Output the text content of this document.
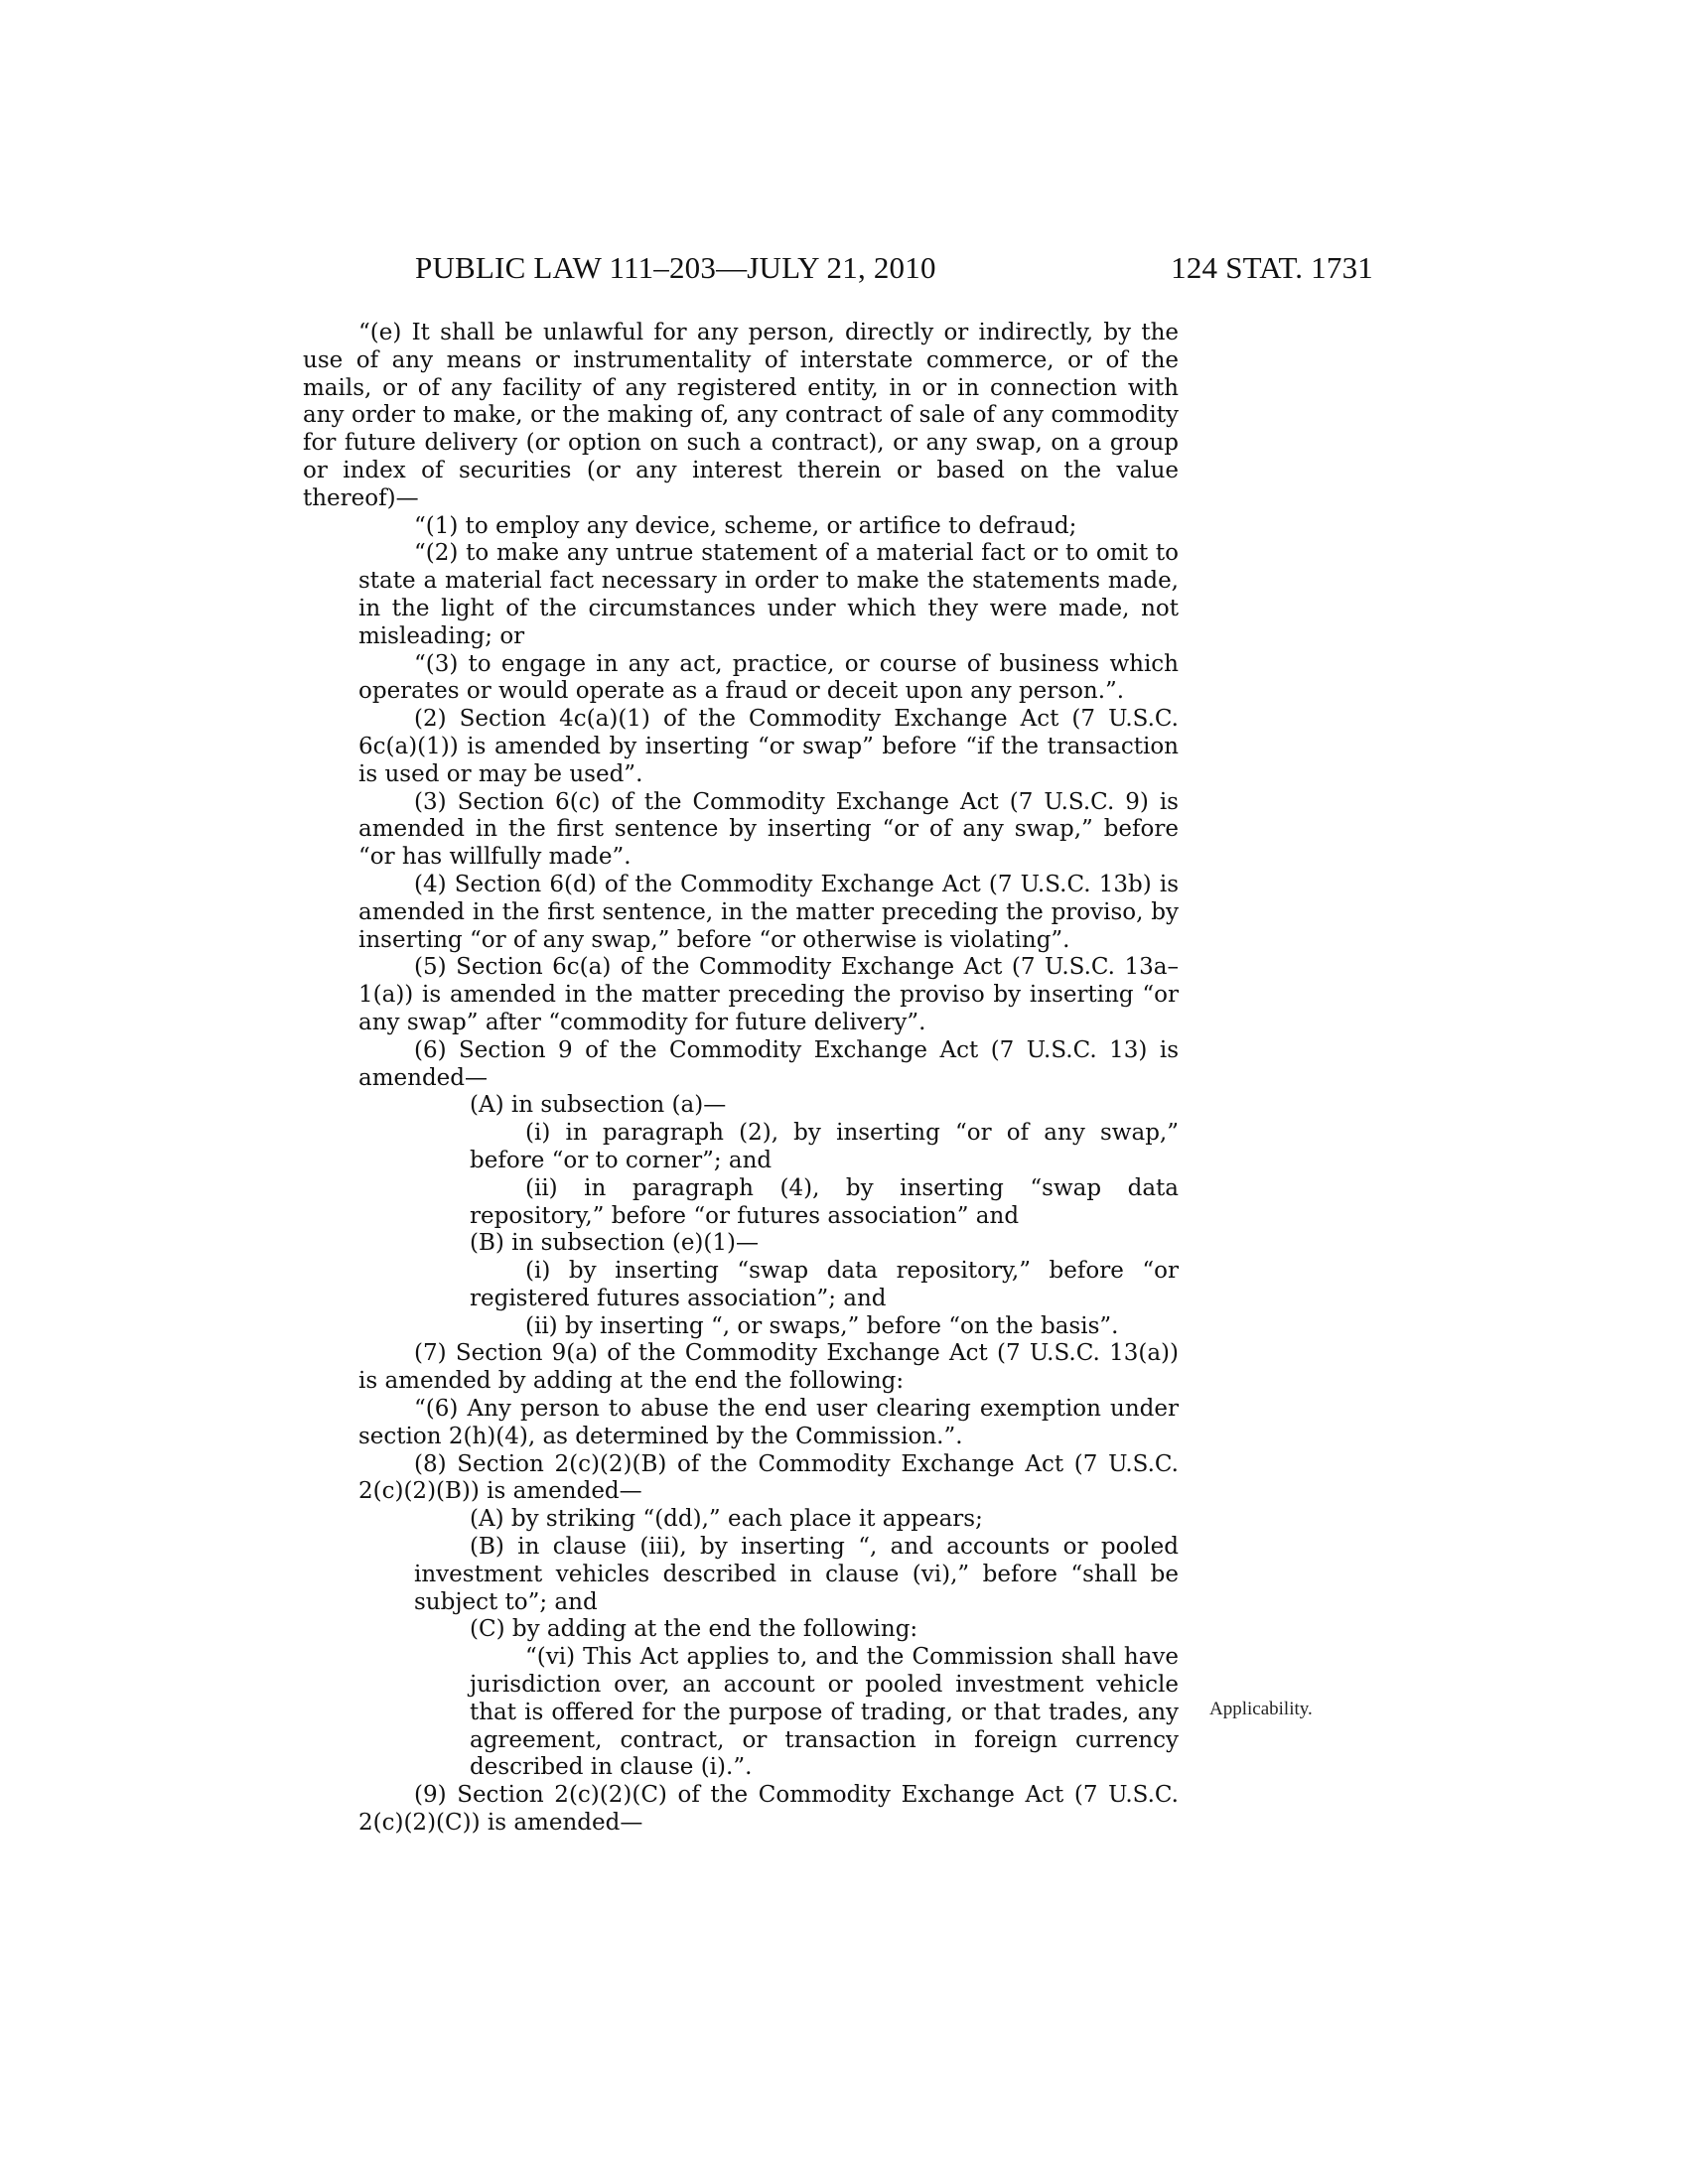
PUBLIC LAW 111–203—JULY 21, 2010	124 STAT. 1731
Applicability.

“(e) It shall be unlawful for any person, directly or indirectly, by the use of any means or instrumentality of interstate commerce, or of the mails, or of any facility of any registered entity, in or in connection with any order to make, or the making of, any contract of sale of any commodity for future delivery (or option on such a contract), or any swap, on a group or index of securities (or any interest therein or based on the value thereof)—

“(1) to employ any device, scheme, or artifice to defraud;

“(2) to make any untrue statement of a material fact or to omit to state a material fact necessary in order to make the statements made, in the light of the circumstances under which they were made, not misleading; or

“(3) to engage in any act, practice, or course of business which operates or would operate as a fraud or deceit upon any person.”.

(2) Section 4c(a)(1) of the Commodity Exchange Act (7 U.S.C. 6c(a)(1)) is amended by inserting “or swap” before “if the transaction is used or may be used”.

(3) Section 6(c) of the Commodity Exchange Act (7 U.S.C. 9) is amended in the first sentence by inserting “or of any swap,” before “or has willfully made”.

(4) Section 6(d) of the Commodity Exchange Act (7 U.S.C. 13b) is amended in the first sentence, in the matter preceding the proviso, by inserting “or of any swap,” before “or otherwise is violating”.

(5) Section 6c(a) of the Commodity Exchange Act (7 U.S.C. 13a–1(a)) is amended in the matter preceding the proviso by inserting “or any swap” after “commodity for future delivery”.

(6) Section 9 of the Commodity Exchange Act (7 U.S.C. 13) is amended—

(A) in subsection (a)—

(i) in paragraph (2), by inserting “or of any swap,” before “or to corner”; and

(ii) in paragraph (4), by inserting “swap data repository,” before “or futures association” and

(B) in subsection (e)(1)—

(i) by inserting “swap data repository,” before “or registered futures association”; and

(ii) by inserting “, or swaps,” before “on the basis”.

(7) Section 9(a) of the Commodity Exchange Act (7 U.S.C. 13(a)) is amended by adding at the end the following:

“(6) Any person to abuse the end user clearing exemption under section 2(h)(4), as determined by the Commission.”.

(8) Section 2(c)(2)(B) of the Commodity Exchange Act (7 U.S.C. 2(c)(2)(B)) is amended—

(A) by striking “(dd),” each place it appears;

(B) in clause (iii), by inserting “, and accounts or pooled investment vehicles described in clause (vi),” before “shall be subject to”; and

(C) by adding at the end the following:

“(vi) This Act applies to, and the Commission shall have jurisdiction over, an account or pooled investment vehicle that is offered for the purpose of trading, or that trades, any agreement, contract, or transaction in foreign currency described in clause (i).”.

(9) Section 2(c)(2)(C) of the Commodity Exchange Act (7 U.S.C. 2(c)(2)(C)) is amended—
